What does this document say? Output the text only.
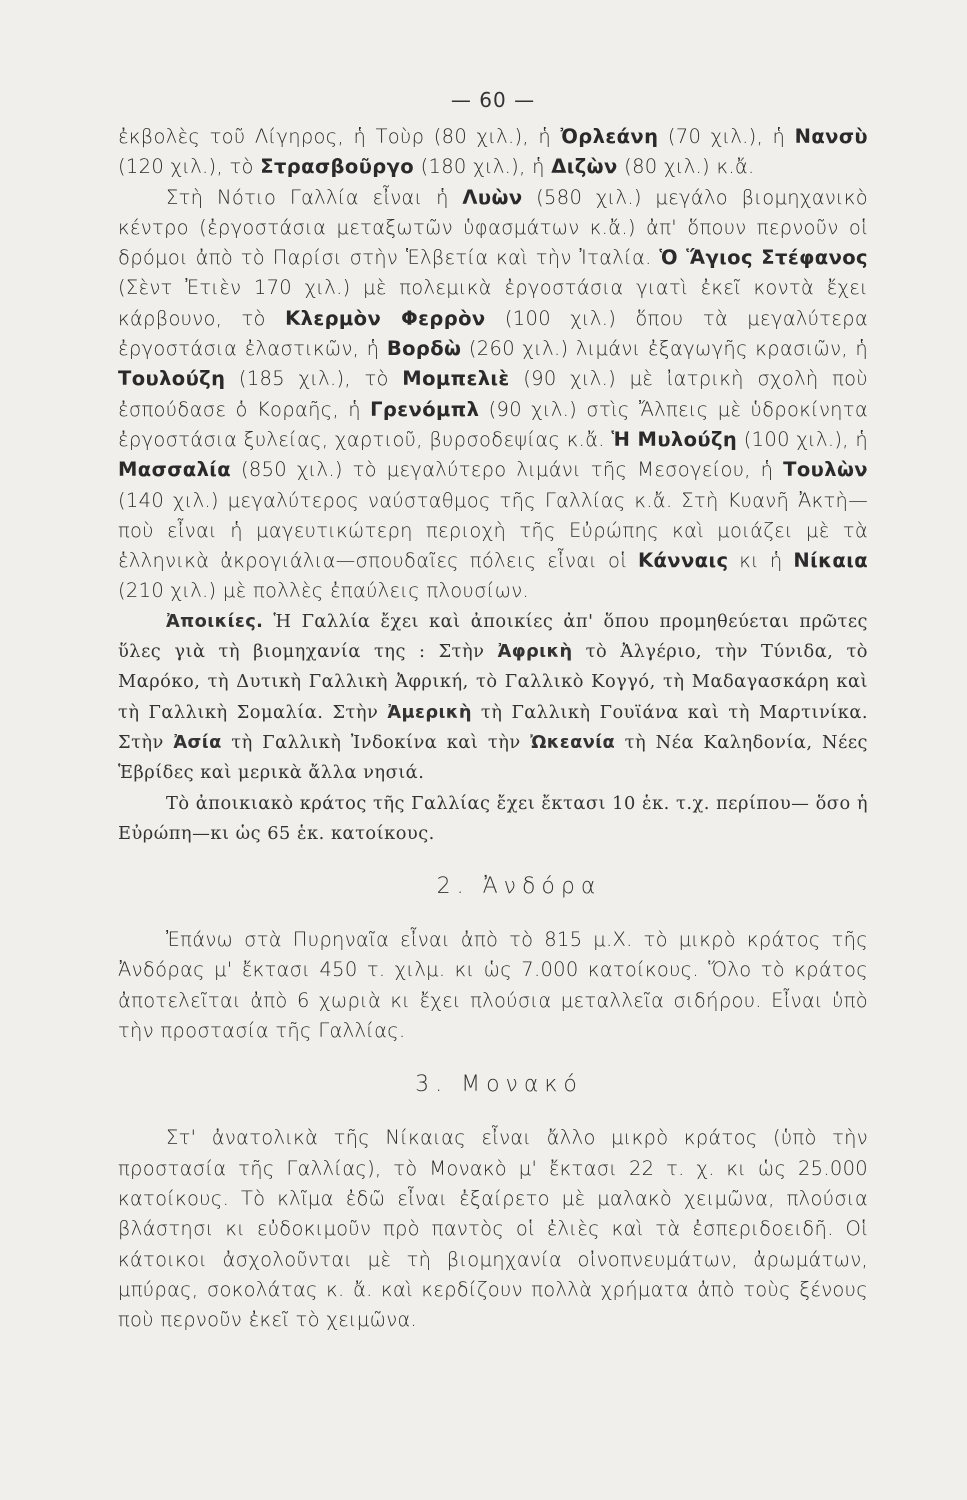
— 60 —

ἐκβολὲς τοῦ Λίγηρος, ἡ Τοὺρ (80 χιλ.), ἡ Ὀρλεάνη (70 χιλ.), ἡ Νανσὺ (120 χιλ.), τὸ Στρασβοῦργο (180 χιλ.), ἡ Διζὼν (80 χιλ.) κ.ἄ.

Στὴ Νότιο Γαλλία εἶναι ἡ Λυὼν (580 χιλ.) μεγάλο βιομηχανικὸ κέντρο (ἐργοστάσια μεταξωτῶν ὑφασμάτων κ.ἄ.) ἀπ' ὅπουν περνοῦν οἱ δρόμοι ἀπὸ τὸ Παρίσι στὴν Ἑλβετία καὶ τὴν Ἰταλία. Ὁ Ἅγιος Στέφανος (Σὲντ Ἐτιὲν 170 χιλ.) μὲ πολεμικὰ ἐργοστάσια γιατὶ ἐκεῖ κοντὰ ἔχει κάρβουνο, τὸ Κλερμὸν Φερρὸν (100 χιλ.) ὅπου τὰ μεγαλύτερα ἐργοστάσια ἐλαστικῶν, ἡ Βορδὼ (260 χιλ.) λιμάνι ἐξαγωγῆς κρασιῶν, ἡ Τουλούζη (185 χιλ.), τὸ Μομπελιὲ (90 χιλ.) μὲ ἰατρικὴ σχολὴ ποὺ ἐσπούδασε ὁ Κοραῆς, ἡ Γρενόμπλ (90 χιλ.) στὶς Ἄλπεις μὲ ὑδροκίνητα ἐργοστάσια ξυλείας, χαρτιοῦ, βυρσοδεψίας κ.ἄ. Ἡ Μυλούζη (100 χιλ.), ἡ Μασσαλία (850 χιλ.) τὸ μεγαλύτερο λιμάνι τῆς Μεσογείου, ἡ Τουλὼν (140 χιλ.) μεγαλύτερος ναύσταθμος τῆς Γαλλίας κ.ἄ. Στὴ Κυανῆ Ἀκτὴ—ποὺ εἶναι ἡ μαγευτικώτερη περιοχὴ τῆς Εὐρώπης καὶ μοιάζει μὲ τὰ ἑλληνικὰ ἀκρογιάλια—σπουδαῖες πόλεις εἶναι οἱ Κάνναις κι ἡ Νίκαια (210 χιλ.) μὲ πολλὲς ἐπαύλεις πλουσίων.

Ἀποικίες. Ἡ Γαλλία ἔχει καὶ ἀποικίες ἀπ' ὅπου προμηθεύεται πρῶτες ὕλες γιὰ τὴ βιομηχανία της : Στὴν Ἀφρικὴ τὸ Ἀλγέριο, τὴν Τύνιδα, τὸ Μαρόκο, τὴ Δυτικὴ Γαλλικὴ Ἀφρική, τὸ Γαλλικὸ Κογγό, τὴ Μαδαγασκάρη καὶ τὴ Γαλλικὴ Σομαλία. Στὴν Ἀμερικὴ τὴ Γαλλικὴ Γουϊάνα καὶ τὴ Μαρτινίκα. Στὴν Ἀσία τὴ Γαλλικὴ Ἰνδοκίνα καὶ τὴν Ὠκεανία τὴ Νέα Καληδονία, Νέες Ἑβρίδες καὶ μερικὰ ἄλλα νησιά.

Τὸ ἀποικιακὸ κράτος τῆς Γαλλίας ἔχει ἔκτασι 10 ἑκ. τ.χ. περίπου— ὅσο ἡ Εὐρώπη—κι ὡς 65 ἑκ. κατοίκους.

2. Ἀνδόρα

Ἐπάνω στὰ Πυρηναῖα εἶναι ἀπὸ τὸ 815 μ.Χ. τὸ μικρὸ κράτος τῆς Ἀνδόρας μ' ἔκτασι 450 τ. χιλμ. κι ὡς 7.000 κατοίκους. Ὅλο τὸ κράτος ἀποτελεῖται ἀπὸ 6 χωριὰ κι ἔχει πλούσια μεταλλεῖα σιδήρου. Εἶναι ὑπὸ τὴν προστασία τῆς Γαλλίας.

3. Μονακό

Στ' ἀνατολικὰ τῆς Νίκαιας εἶναι ἄλλο μικρὸ κράτος (ὑπὸ τὴν προστασία τῆς Γαλλίας), τὸ Μονακὸ μ' ἔκτασι 22 τ. χ. κι ὡς 25.000 κατοίκους. Τὸ κλῖμα ἐδῶ εἶναι ἐξαίρετο μὲ μαλακὸ χειμῶνα, πλούσια βλάστησι κι εὐδοκιμοῦν πρὸ παντὸς οἱ ἐλιὲς καὶ τὰ ἐσπεριδοειδῆ. Οἱ κάτοικοι ἀσχολοῦνται μὲ τὴ βιομηχανία οἰνοπνευμάτων, ἀρωμάτων, μπύρας, σοκολάτας κ. ἄ. καὶ κερδίζουν πολλὰ χρήματα ἀπὸ τοὺς ξένους ποὺ περνοῦν ἐκεῖ τὸ χειμῶνα.
